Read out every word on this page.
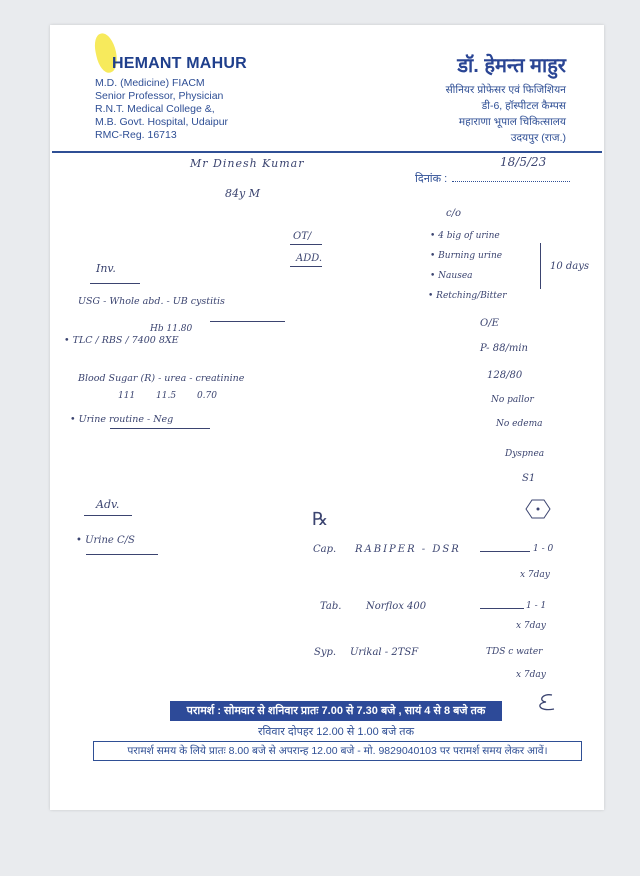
HEMANT MAHUR
M.D. (Medicine) FIACM
Senior Professor, Physician
R.N.T. Medical College &,
M.B. Govt. Hospital, Udaipur
RMC-Reg. 16713
डॉ. हेमन्त माहुर
सीनियर प्रोफेसर एवं फिजिशियन
डी-6, हॉस्पीटल कैम्पस
महाराणा भूपाल चिकित्सालय
उदयपुर (राज.)
दिनांक :
18/5/23
Mr Dinesh Kumar
84y M
OT/
ADD.
c/o
• 4 big of urine
• Burning urine
• Nausea
• Retching/Bitter
10 days
O/E
P- 88/min
128/80
No pallor
No edema
Dyspnea
S1
Inv.
USG - Whole abd. - UB cystitis
Hb 11.80
• TLC / RBS / 7400 8XE
Blood Sugar (R) - urea - creatinine
111 11.5 0.70
• Urine routine - Neg
Adv.
• Urine C/S
℞
Cap. RABIPER - DSR	1 - 0
x 7day
Tab. Norflox 400	1 - 1
x 7day
Syp. Urikal - 2TSF	TDS c water
x 7day
परामर्श : सोमवार से शनिवार प्रातः 7.00 से 7.30 बजे , सायं 4 से 8 बजे तक
रविवार दोपहर 12.00 से 1.00 बजे तक
परामर्श समय के लिये प्रातः 8.00 बजे से अपरान्ह 12.00 बजे - मो. 9829040103 पर परामर्श समय लेकर आवें।
